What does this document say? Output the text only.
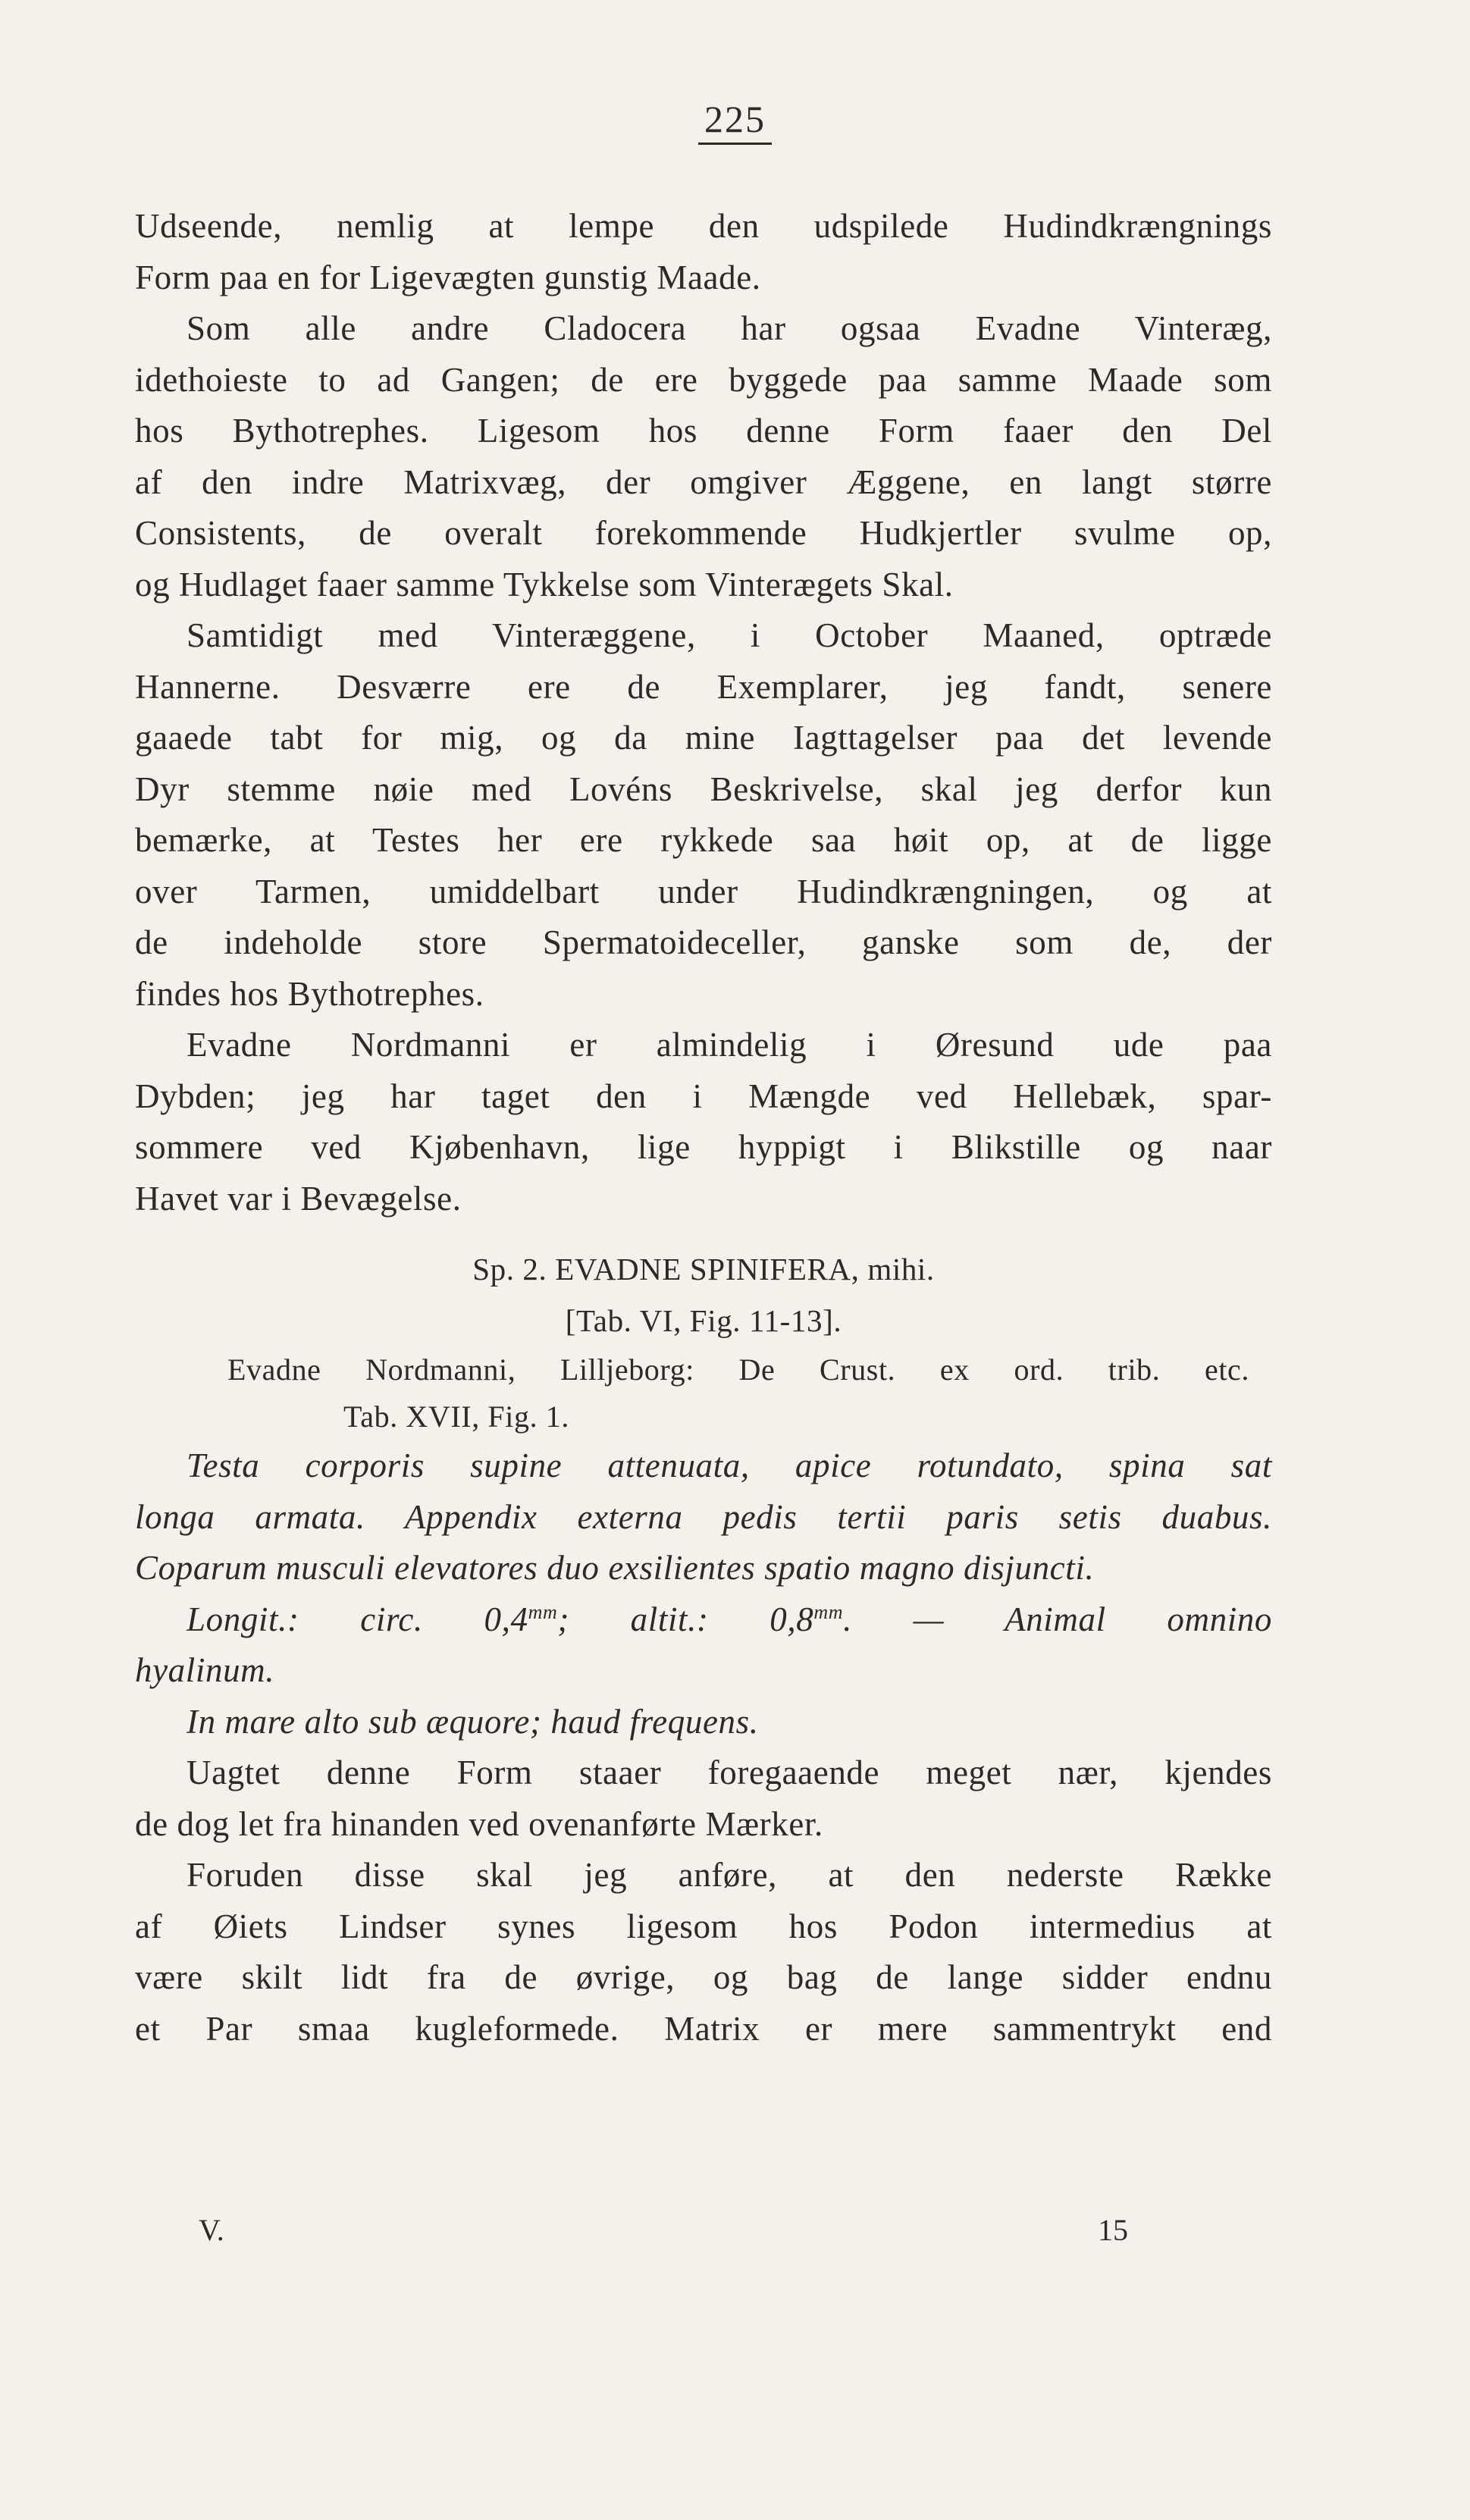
225

Udseende, nemlig at lempe den udspilede Hudindkrængnings

Form paa en for Ligevægten gunstig Maade.

Som alle andre Cladocera har ogsaa Evadne Vinteræg,

idethoieste to ad Gangen; de ere byggede paa samme Maade som

hos Bythotrephes. Ligesom hos denne Form faaer den Del

af den indre Matrixvæg, der omgiver Æggene, en langt større

Consistents, de overalt forekommende Hudkjertler svulme op,

og Hudlaget faaer samme Tykkelse som Vinterægets Skal.

Samtidigt med Vinteræggene, i October Maaned, optræde

Hannerne. Desværre ere de Exemplarer, jeg fandt, senere

gaaede tabt for mig, og da mine Iagttagelser paa det levende

Dyr stemme nøie med Lovéns Beskrivelse, skal jeg derfor kun

bemærke, at Testes her ere rykkede saa høit op, at de ligge

over Tarmen, umiddelbart under Hudindkrængningen, og at

de indeholde store Spermatoideceller, ganske som de, der

findes hos Bythotrephes.

Evadne Nordmanni er almindelig i Øresund ude paa

Dybden; jeg har taget den i Mængde ved Hellebæk, spar-

sommere ved Kjøbenhavn, lige hyppigt i Blikstille og naar

Havet var i Bevægelse.

Sp. 2. EVADNE SPINIFERA, mihi.

[Tab. VI, Fig. 11-13].

Evadne Nordmanni, Lilljeborg: De Crust. ex ord. trib. etc.

Tab. XVII, Fig. 1.

Testa corporis supine attenuata, apice rotundato, spina sat

longa armata. Appendix externa pedis tertii paris setis duabus.

Coparum musculi elevatores duo exsilientes spatio magno disjuncti.

Longit.: circ. $0,4^{mm}$; altit.: $0,8^{mm}$. — Animal omnino

hyalinum.

In mare alto sub æquore; haud frequens.

Uagtet denne Form staaer foregaaende meget nær, kjendes

de dog let fra hinanden ved ovenanførte Mærker.

Foruden disse skal jeg anføre, at den nederste Række

af Øiets Lindser synes ligesom hos Podon intermedius at

være skilt lidt fra de øvrige, og bag de lange sidder endnu

et Par smaa kugleformede. Matrix er mere sammentrykt end

V.	15
